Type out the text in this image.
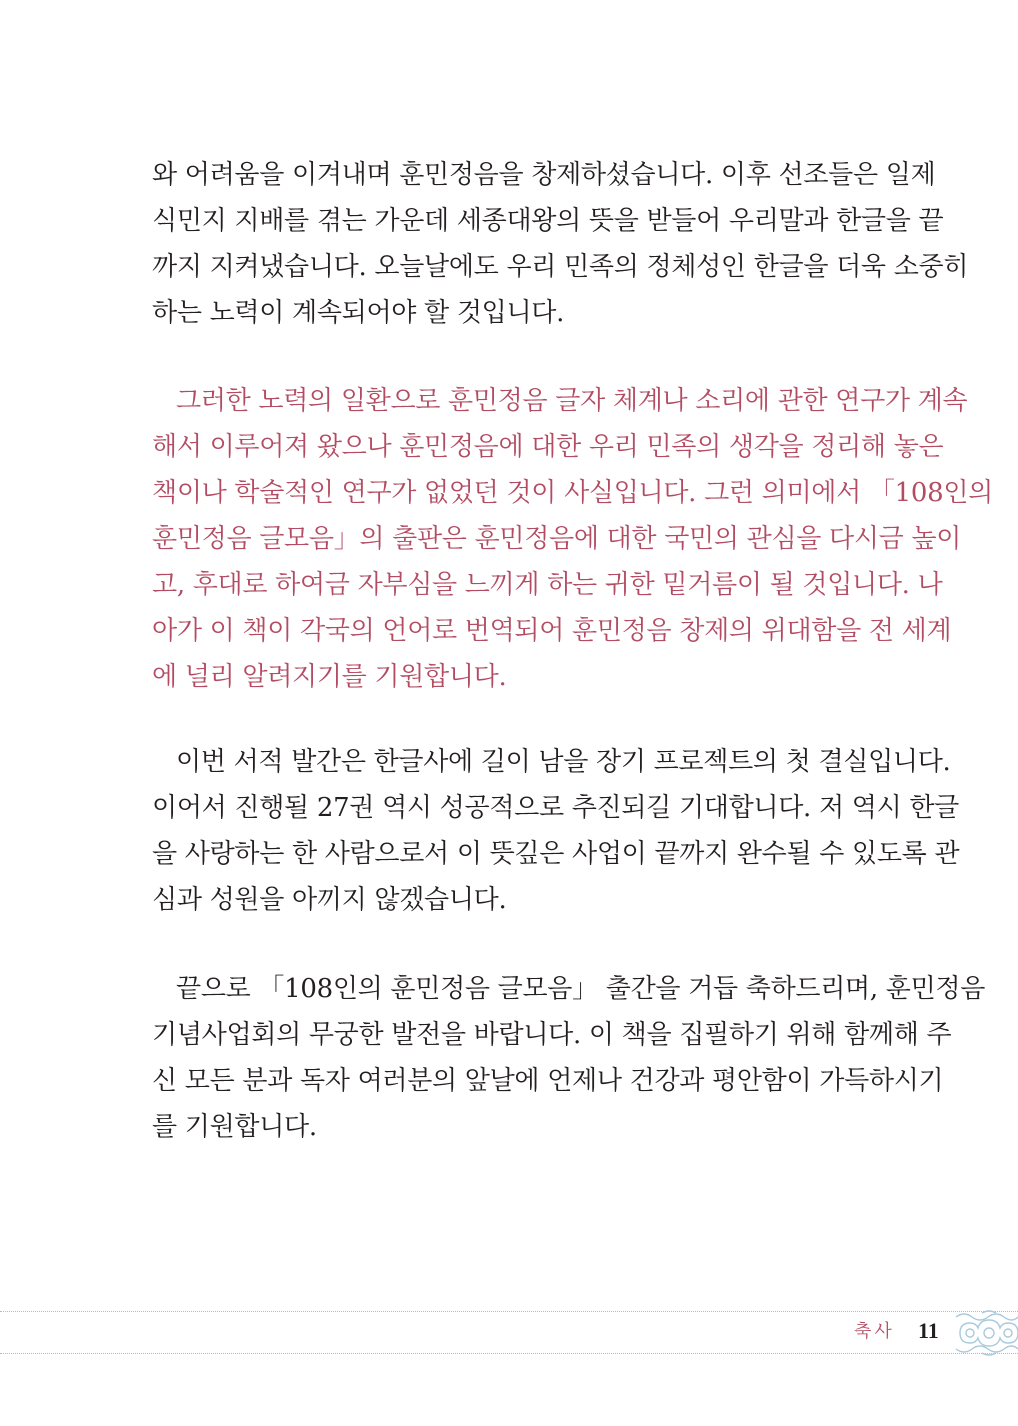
와 어려움을 이겨내며 훈민정음을 창제하셨습니다. 이후 선조들은 일제
식민지 지배를 겪는 가운데 세종대왕의 뜻을 받들어 우리말과 한글을 끝
까지 지켜냈습니다. 오늘날에도 우리 민족의 정체성인 한글을 더욱 소중히
하는 노력이 계속되어야 할 것입니다.

그러한 노력의 일환으로 훈민정음 글자 체계나 소리에 관한 연구가 계속
해서 이루어져 왔으나 훈민정음에 대한 우리 민족의 생각을 정리해 놓은
책이나 학술적인 연구가 없었던 것이 사실입니다. 그런 의미에서 「108인의
훈민정음 글모음」의 출판은 훈민정음에 대한 국민의 관심을 다시금 높이
고, 후대로 하여금 자부심을 느끼게 하는 귀한 밑거름이 될 것입니다. 나
아가 이 책이 각국의 언어로 번역되어 훈민정음 창제의 위대함을 전 세계
에 널리 알려지기를 기원합니다.

이번 서적 발간은 한글사에 길이 남을 장기 프로젝트의 첫 결실입니다.
이어서 진행될 27권 역시 성공적으로 추진되길 기대합니다. 저 역시 한글
을 사랑하는 한 사람으로서 이 뜻깊은 사업이 끝까지 완수될 수 있도록 관
심과 성원을 아끼지 않겠습니다.

끝으로 「108인의 훈민정음 글모음」 출간을 거듭 축하드리며, 훈민정음
기념사업회의 무궁한 발전을 바랍니다. 이 책을 집필하기 위해 함께해 주
신 모든 분과 독자 여러분의 앞날에 언제나 건강과 평안함이 가득하시기
를 기원합니다.

축사 11
